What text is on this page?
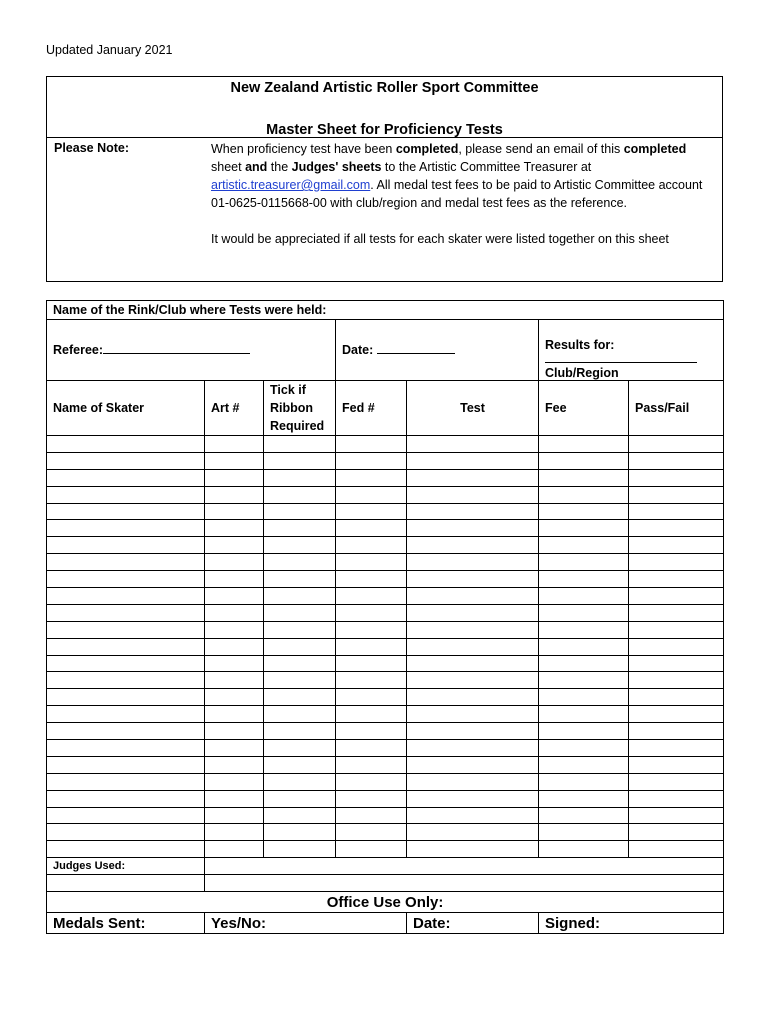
Updated January 2021
New Zealand Artistic Roller Sport Committee
Master Sheet for Proficiency Tests
Please Note:	When proficiency test have been completed, please send an email of this completed sheet and the Judges' sheets to the Artistic Committee Treasurer at artistic.treasurer@gmail.com. All medal test fees to be paid to Artistic Committee account 01-0625-0115668-00 with club/region and medal test fees as the reference.

It would be appreciated if all tests for each skater were listed together on this sheet

Name of the Rink/Club where Tests were held:						
Referee:			Date:		Results for:
Club/Region	

Name of Skater	Art #	Tick if Ribbon Required	Fed #	Test	Fee	Pass/Fail

Judges Used:						

Office Use Only:						
Medals Sent:	Yes/No:			Date:	Signed:	
